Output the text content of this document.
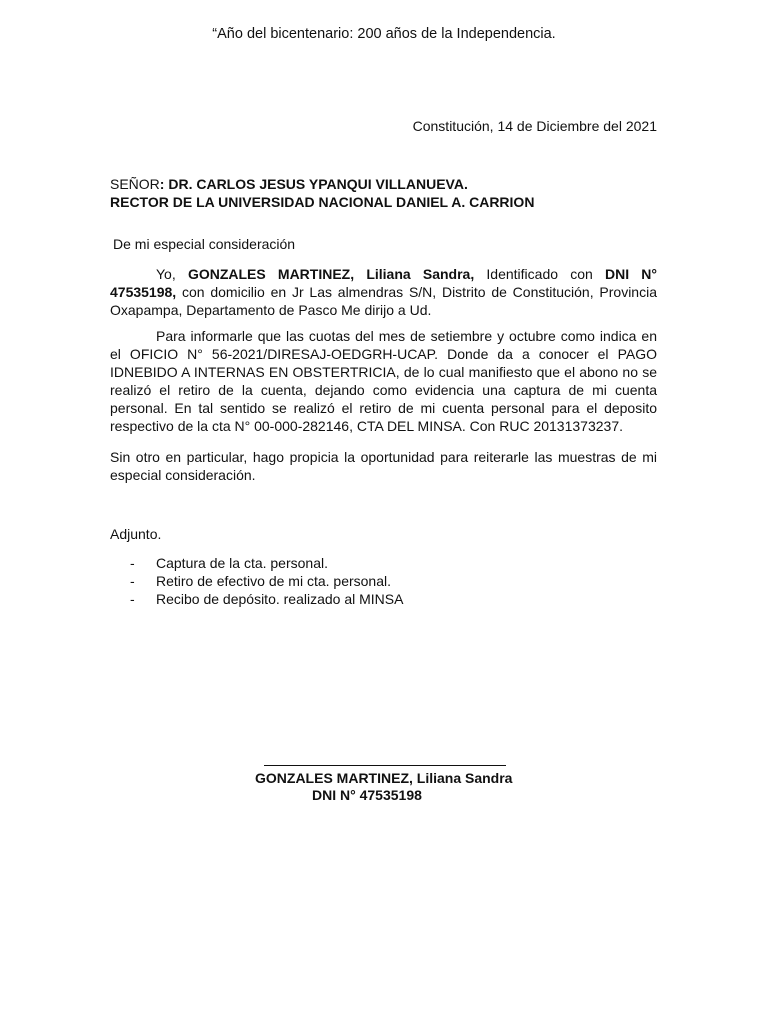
“Año del bicentenario: 200 años de la Independencia.
Constitución, 14 de Diciembre del 2021
SEÑOR: DR. CARLOS JESUS YPANQUI VILLANUEVA.
RECTOR DE LA UNIVERSIDAD NACIONAL DANIEL A. CARRION
De mi especial consideración
Yo, GONZALES MARTINEZ, Liliana Sandra, Identificado con DNI N° 47535198, con domicilio en Jr Las almendras S/N, Distrito de Constitución, Provincia Oxapampa, Departamento de Pasco Me dirijo a Ud.
Para informarle que las cuotas del mes de setiembre y octubre como indica en el OFICIO N° 56-2021/DIRESAJ-OEDGRH-UCAP. Donde da a conocer el PAGO IDNEBIDO A INTERNAS EN OBSTERTRICIA, de lo cual manifiesto que el abono no se realizó el retiro de la cuenta, dejando como evidencia una captura de mi cuenta personal. En tal sentido se realizó el retiro de mi cuenta personal para el deposito respectivo de la cta N° 00-000-282146, CTA DEL MINSA. Con RUC 20131373237.
Sin otro en particular, hago propicia la oportunidad para reiterarle las muestras de mi especial consideración.
Adjunto.
- Captura de la cta. personal.
- Retiro de efectivo de mi cta. personal.
- Recibo de depósito. realizado al MINSA
GONZALES MARTINEZ, Liliana Sandra
DNI N° 47535198
